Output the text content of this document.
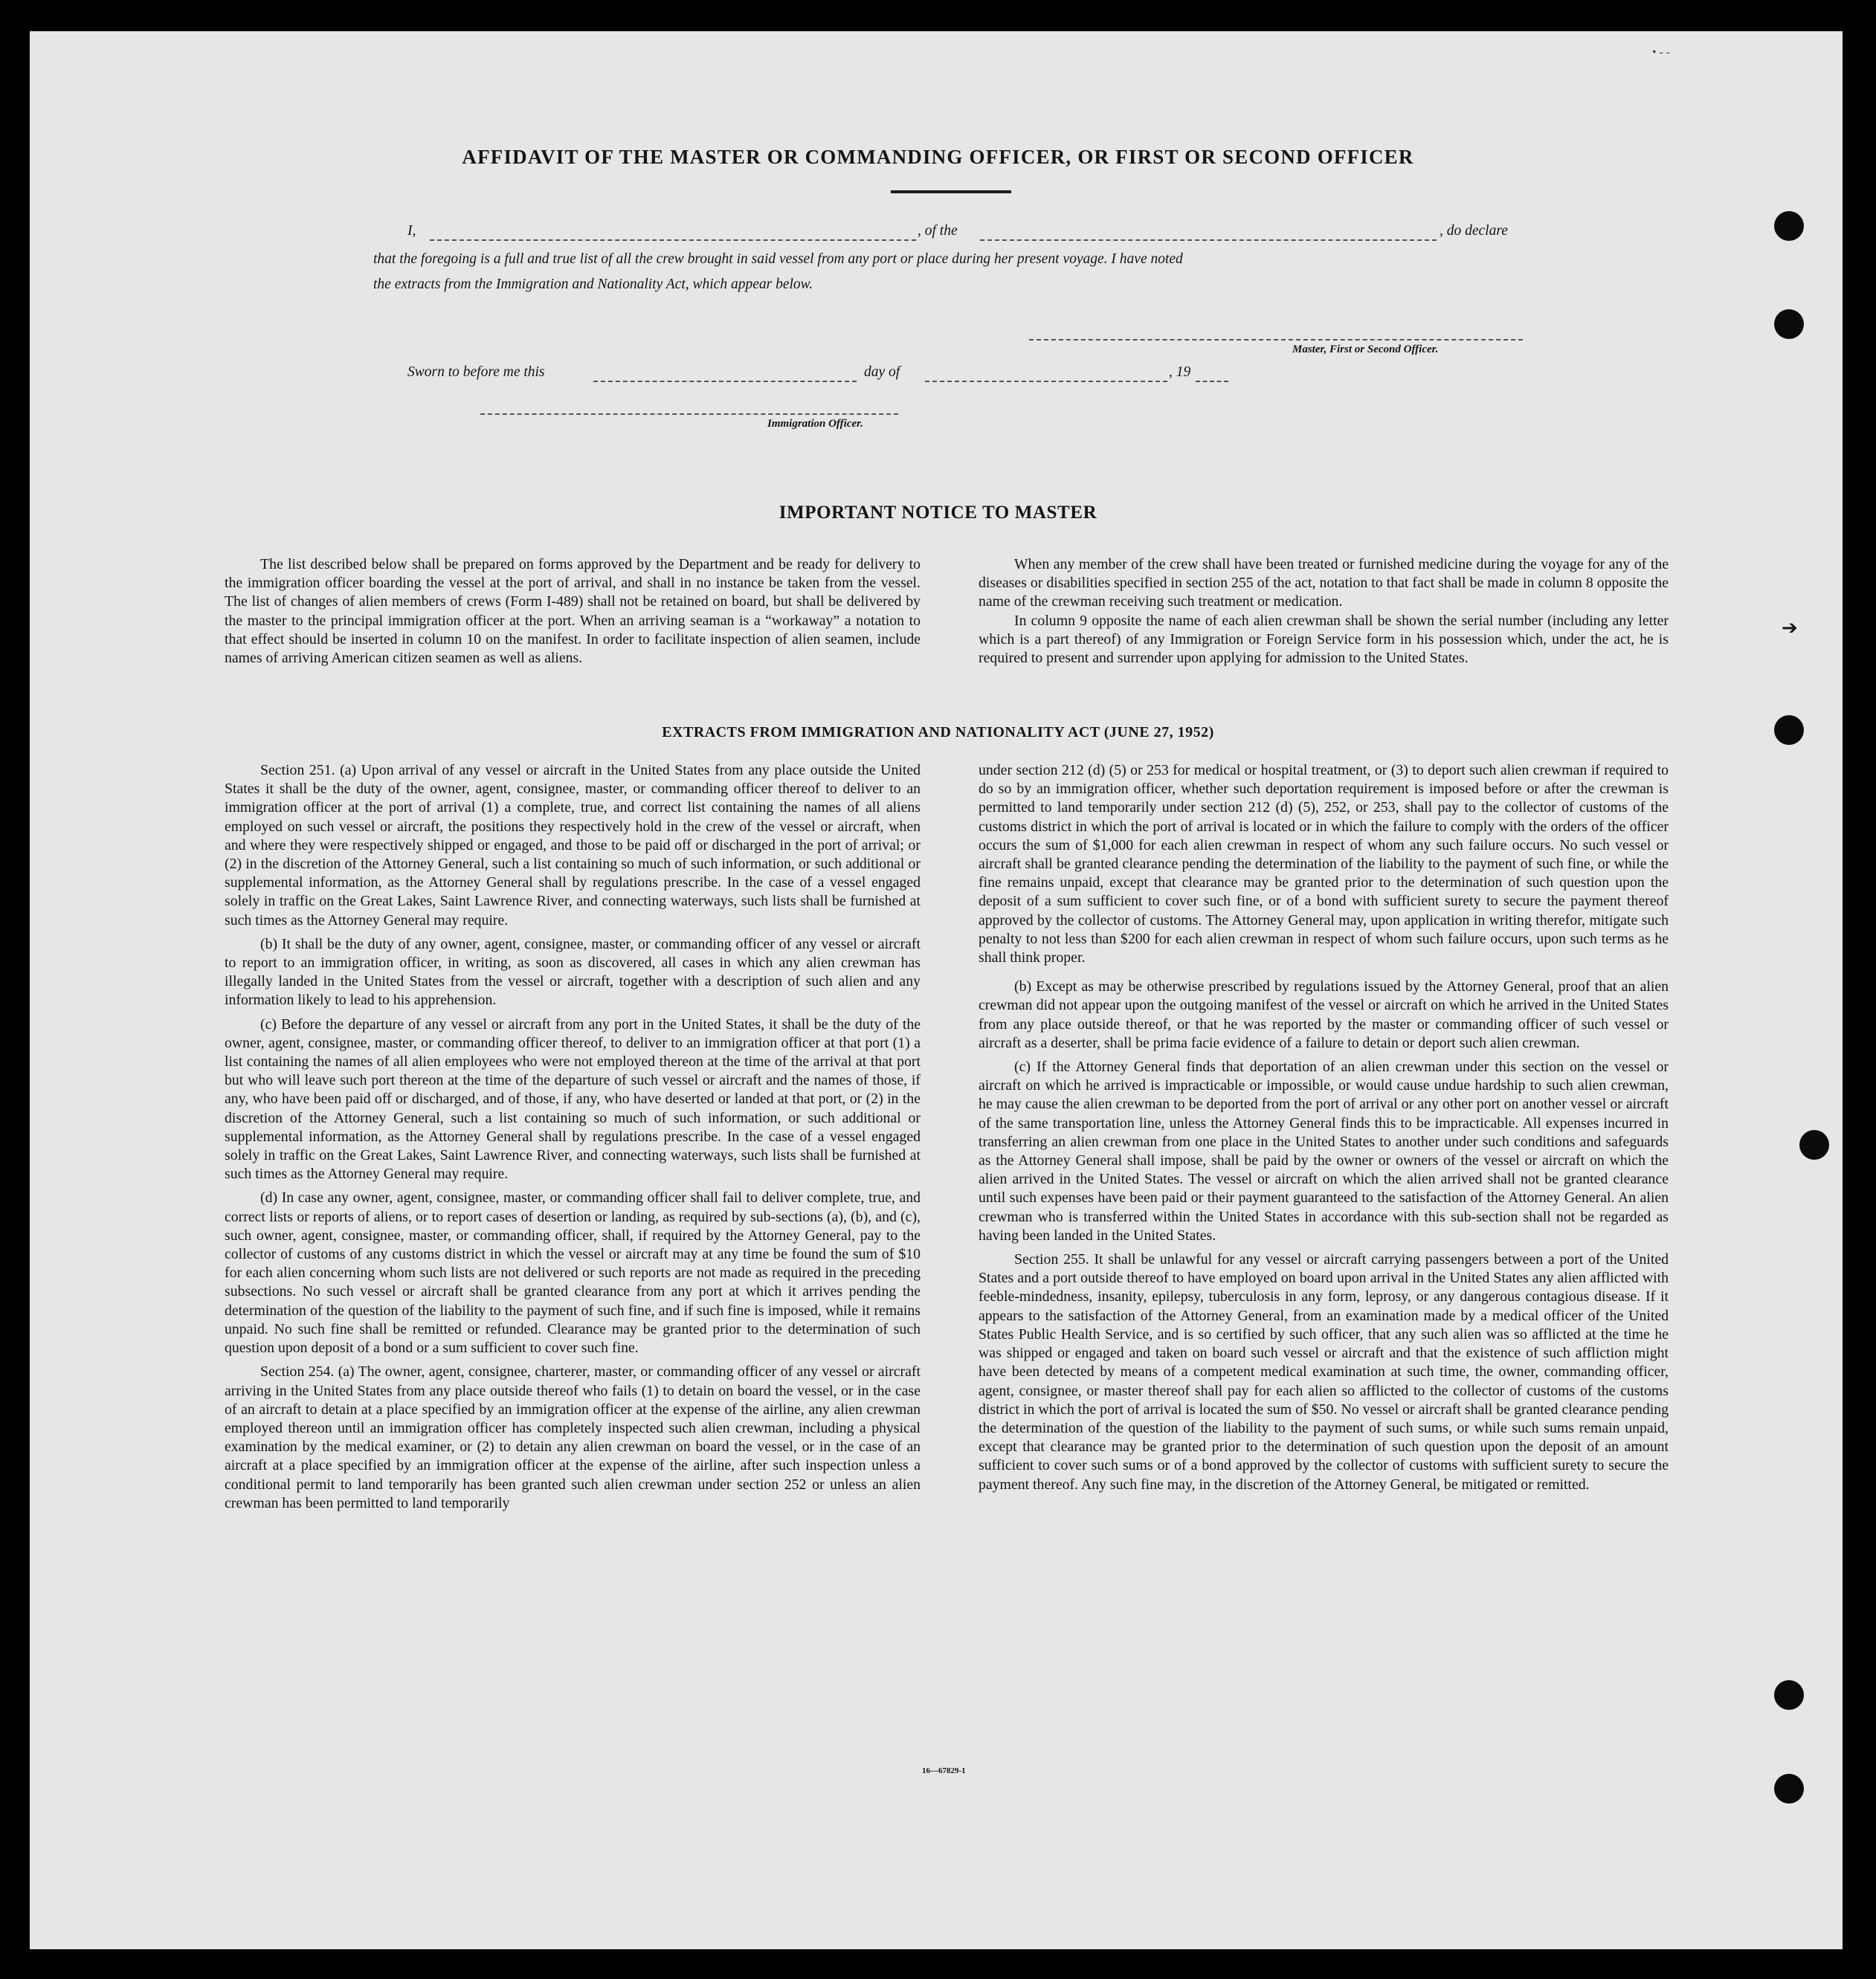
• - -
➔
AFFIDAVIT OF THE MASTER OR COMMANDING OFFICER, OR FIRST OR SECOND OFFICER
I,	, of the	, do declare
that the foregoing is a full and true list of all the crew brought in said vessel from any port or place during her present voyage. I have noted
the extracts from the Immigration and Nationality Act, which appear below.
Master, First or Second Officer.
Sworn to before me this	day of	, 19
Immigration Officer.
IMPORTANT NOTICE TO MASTER

The list described below shall be prepared on forms approved by the Department and be ready for delivery to the immigration officer boarding the vessel at the port of arrival, and shall in no instance be taken from the vessel. The list of changes of alien members of crews (Form I-489) shall not be retained on board, but shall be delivered by the master to the principal immigration officer at the port. When an arriving seaman is a “workaway” a notation to that effect should be inserted in column 10 on the manifest. In order to facilitate inspection of alien seamen, include names of arriving American citizen seamen as well as aliens.

When any member of the crew shall have been treated or furnished medicine during the voyage for any of the diseases or disabilities specified in section 255 of the act, notation to that fact shall be made in column 8 opposite the name of the crewman receiving such treatment or medication.

In column 9 opposite the name of each alien crewman shall be shown the serial number (including any letter which is a part thereof) of any Immigration or Foreign Service form in his possession which, under the act, he is required to present and surrender upon applying for admission to the United States.

EXTRACTS FROM IMMIGRATION AND NATIONALITY ACT (JUNE 27, 1952)

Section 251. (a) Upon arrival of any vessel or aircraft in the United States from any place outside the United States it shall be the duty of the owner, agent, consignee, master, or commanding officer thereof to deliver to an immigration officer at the port of arrival (1) a complete, true, and correct list containing the names of all aliens employed on such vessel or aircraft, the positions they respectively hold in the crew of the vessel or aircraft, when and where they were respectively shipped or engaged, and those to be paid off or discharged in the port of arrival; or (2) in the discretion of the Attorney General, such a list containing so much of such information, or such additional or supplemental information, as the Attorney General shall by regulations prescribe. In the case of a vessel engaged solely in traffic on the Great Lakes, Saint Lawrence River, and connecting waterways, such lists shall be furnished at such times as the Attorney General may require.

(b) It shall be the duty of any owner, agent, consignee, master, or commanding officer of any vessel or aircraft to report to an immigration officer, in writing, as soon as discovered, all cases in which any alien crewman has illegally landed in the United States from the vessel or aircraft, together with a description of such alien and any information likely to lead to his apprehension.

(c) Before the departure of any vessel or aircraft from any port in the United States, it shall be the duty of the owner, agent, consignee, master, or commanding officer thereof, to deliver to an immigration officer at that port (1) a list containing the names of all alien employees who were not employed thereon at the time of the arrival at that port but who will leave such port thereon at the time of the departure of such vessel or aircraft and the names of those, if any, who have been paid off or discharged, and of those, if any, who have deserted or landed at that port, or (2) in the discretion of the Attorney General, such a list containing so much of such information, or such additional or supplemental information, as the Attorney General shall by regulations prescribe. In the case of a vessel engaged solely in traffic on the Great Lakes, Saint Lawrence River, and connecting waterways, such lists shall be furnished at such times as the Attorney General may require.

(d) In case any owner, agent, consignee, master, or commanding officer shall fail to deliver complete, true, and correct lists or reports of aliens, or to report cases of desertion or landing, as required by sub-sections (a), (b), and (c), such owner, agent, consignee, master, or commanding officer, shall, if required by the Attorney General, pay to the collector of customs of any customs district in which the vessel or aircraft may at any time be found the sum of $10 for each alien concerning whom such lists are not delivered or such reports are not made as required in the preceding subsections. No such vessel or aircraft shall be granted clearance from any port at which it arrives pending the determination of the question of the liability to the payment of such fine, and if such fine is imposed, while it remains unpaid. No such fine shall be remitted or refunded. Clearance may be granted prior to the determination of such question upon deposit of a bond or a sum sufficient to cover such fine.

Section 254. (a) The owner, agent, consignee, charterer, master, or commanding officer of any vessel or aircraft arriving in the United States from any place outside thereof who fails (1) to detain on board the vessel, or in the case of an aircraft to detain at a place specified by an immigration officer at the expense of the airline, any alien crewman employed thereon until an immigration officer has completely inspected such alien crewman, including a physical examination by the medical examiner, or (2) to detain any alien crewman on board the vessel, or in the case of an aircraft at a place specified by an immigration officer at the expense of the airline, after such inspection unless a conditional permit to land temporarily has been granted such alien crewman under section 252 or unless an alien crewman has been permitted to land temporarily

under section 212 (d) (5) or 253 for medical or hospital treatment, or (3) to deport such alien crewman if required to do so by an immigration officer, whether such deportation requirement is imposed before or after the crewman is permitted to land temporarily under section 212 (d) (5), 252, or 253, shall pay to the collector of customs of the customs district in which the port of arrival is located or in which the failure to comply with the orders of the officer occurs the sum of $1,000 for each alien crewman in respect of whom any such failure occurs. No such vessel or aircraft shall be granted clearance pending the determination of the liability to the payment of such fine, or while the fine remains unpaid, except that clearance may be granted prior to the determination of such question upon the deposit of a sum sufficient to cover such fine, or of a bond with sufficient surety to secure the payment thereof approved by the collector of customs. The Attorney General may, upon application in writing therefor, mitigate such penalty to not less than $200 for each alien crewman in respect of whom such failure occurs, upon such terms as he shall think proper.

(b) Except as may be otherwise prescribed by regulations issued by the Attorney General, proof that an alien crewman did not appear upon the outgoing manifest of the vessel or aircraft on which he arrived in the United States from any place outside thereof, or that he was reported by the master or commanding officer of such vessel or aircraft as a deserter, shall be prima facie evidence of a failure to detain or deport such alien crewman.

(c) If the Attorney General finds that deportation of an alien crewman under this section on the vessel or aircraft on which he arrived is impracticable or impossible, or would cause undue hardship to such alien crewman, he may cause the alien crewman to be deported from the port of arrival or any other port on another vessel or aircraft of the same transportation line, unless the Attorney General finds this to be impracticable. All expenses incurred in transferring an alien crewman from one place in the United States to another under such conditions and safeguards as the Attorney General shall impose, shall be paid by the owner or owners of the vessel or aircraft on which the alien arrived in the United States. The vessel or aircraft on which the alien arrived shall not be granted clearance until such expenses have been paid or their payment guaranteed to the satisfaction of the Attorney General. An alien crewman who is transferred within the United States in accordance with this sub-section shall not be regarded as having been landed in the United States.

Section 255. It shall be unlawful for any vessel or aircraft carrying passengers between a port of the United States and a port outside thereof to have employed on board upon arrival in the United States any alien afflicted with feeble-mindedness, insanity, epilepsy, tuberculosis in any form, leprosy, or any dangerous contagious disease. If it appears to the satisfaction of the Attorney General, from an examination made by a medical officer of the United States Public Health Service, and is so certified by such officer, that any such alien was so afflicted at the time he was shipped or engaged and taken on board such vessel or aircraft and that the existence of such affliction might have been detected by means of a competent medical examination at such time, the owner, commanding officer, agent, consignee, or master thereof shall pay for each alien so afflicted to the collector of customs of the customs district in which the port of arrival is located the sum of $50. No vessel or aircraft shall be granted clearance pending the determination of the question of the liability to the payment of such sums, or while such sums remain unpaid, except that clearance may be granted prior to the determination of such question upon the deposit of an amount sufficient to cover such sums or of a bond approved by the collector of customs with sufficient surety to secure the payment thereof. Any such fine may, in the discretion of the Attorney General, be mitigated or remitted.

16—67829-1
